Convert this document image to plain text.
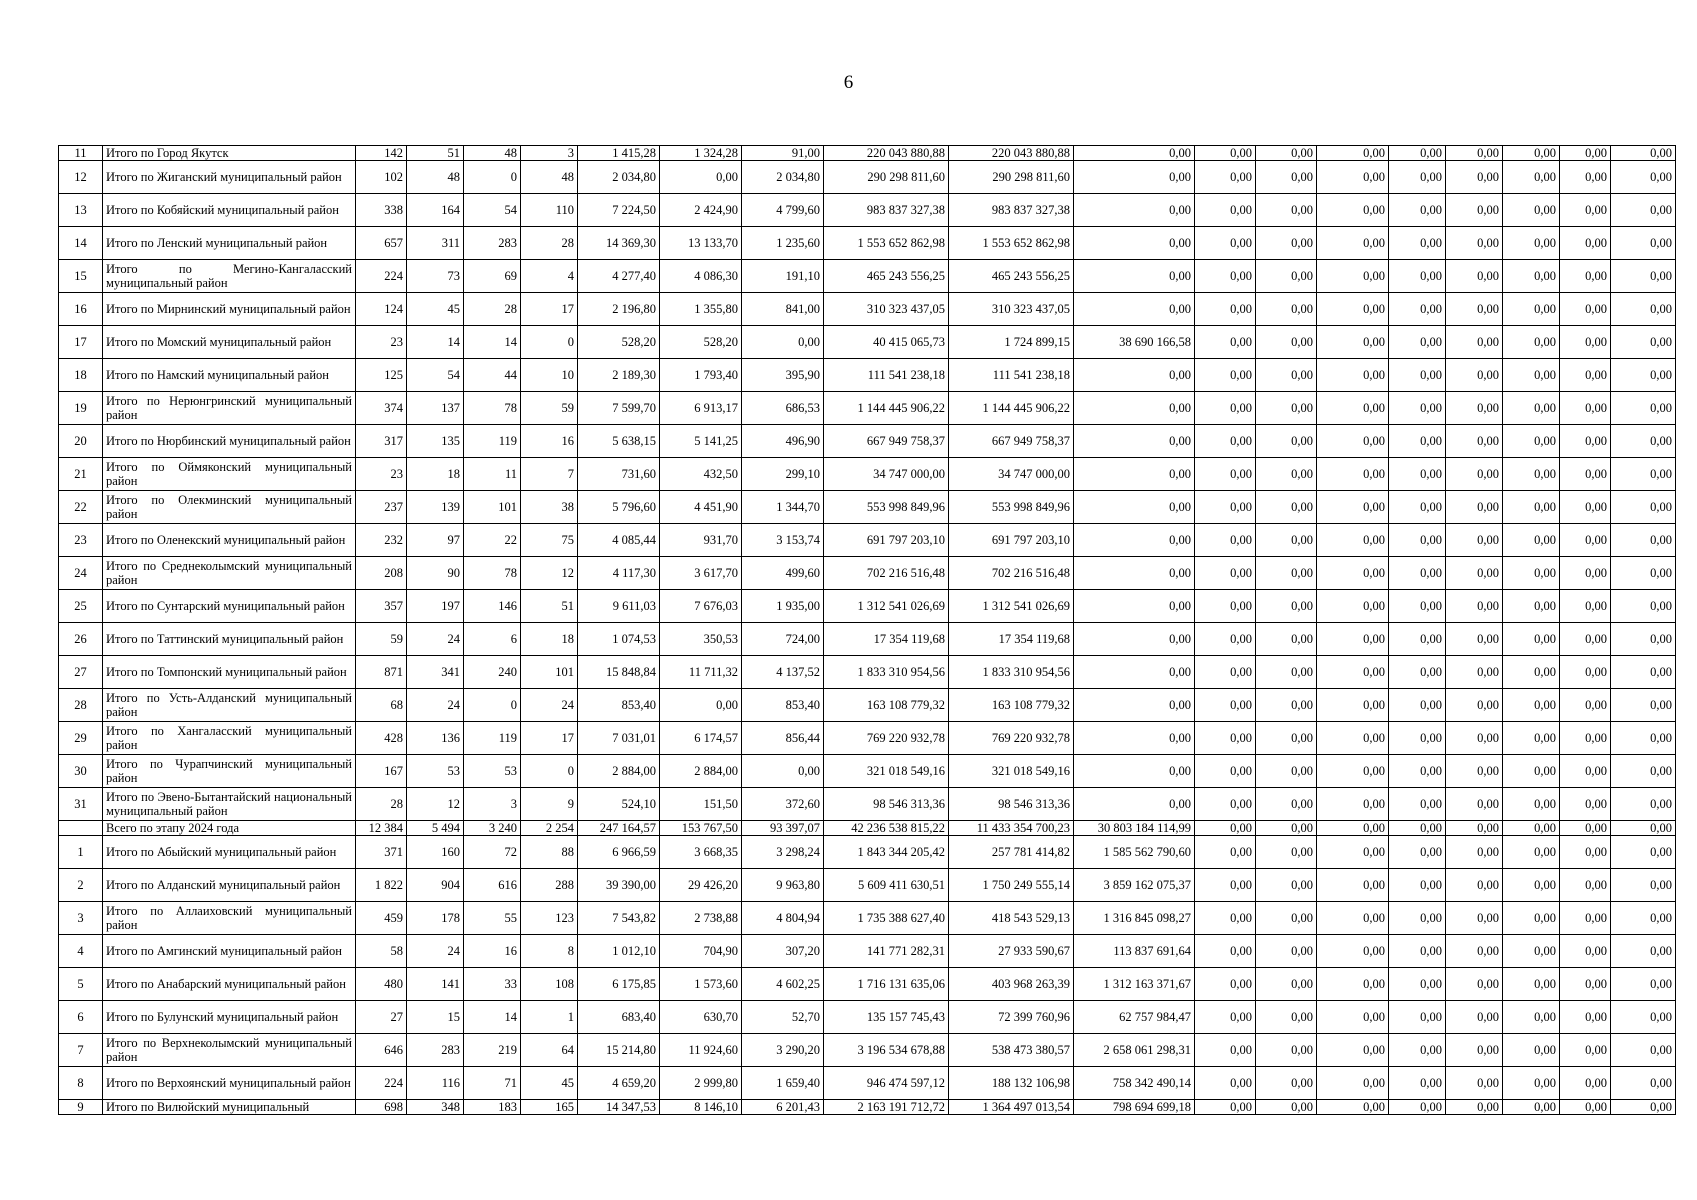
6
11	Итого по Город Якутск	142	51	48	3	1 415,28	1 324,28	91,00	220 043 880,88	220 043 880,88	0,00	0,00	0,00	0,00	0,00	0,00	0,00	0,00	0,00
12	Итого по Жиганский муниципальный район	102	48	0	48	2 034,80	0,00	2 034,80	290 298 811,60	290 298 811,60	0,00	0,00	0,00	0,00	0,00	0,00	0,00	0,00	0,00
13	Итого по Кобяйский муниципальный район	338	164	54	110	7 224,50	2 424,90	4 799,60	983 837 327,38	983 837 327,38	0,00	0,00	0,00	0,00	0,00	0,00	0,00	0,00	0,00
14	Итого по Ленский муниципальный район	657	311	283	28	14 369,30	13 133,70	1 235,60	1 553 652 862,98	1 553 652 862,98	0,00	0,00	0,00	0,00	0,00	0,00	0,00	0,00	0,00
15	Итого по Мегино-Кангаласский муниципальный район	224	73	69	4	4 277,40	4 086,30	191,10	465 243 556,25	465 243 556,25	0,00	0,00	0,00	0,00	0,00	0,00	0,00	0,00	0,00
16	Итого по Мирнинский муниципальный район	124	45	28	17	2 196,80	1 355,80	841,00	310 323 437,05	310 323 437,05	0,00	0,00	0,00	0,00	0,00	0,00	0,00	0,00	0,00
17	Итого по Момский муниципальный район	23	14	14	0	528,20	528,20	0,00	40 415 065,73	1 724 899,15	38 690 166,58	0,00	0,00	0,00	0,00	0,00	0,00	0,00	0,00
18	Итого по Намский муниципальный район	125	54	44	10	2 189,30	1 793,40	395,90	111 541 238,18	111 541 238,18	0,00	0,00	0,00	0,00	0,00	0,00	0,00	0,00	0,00
19	Итого по Нерюнгринский муниципальный район	374	137	78	59	7 599,70	6 913,17	686,53	1 144 445 906,22	1 144 445 906,22	0,00	0,00	0,00	0,00	0,00	0,00	0,00	0,00	0,00
20	Итого по Нюрбинский муниципальный район	317	135	119	16	5 638,15	5 141,25	496,90	667 949 758,37	667 949 758,37	0,00	0,00	0,00	0,00	0,00	0,00	0,00	0,00	0,00
21	Итого по Оймяконский муниципальный район	23	18	11	7	731,60	432,50	299,10	34 747 000,00	34 747 000,00	0,00	0,00	0,00	0,00	0,00	0,00	0,00	0,00	0,00
22	Итого по Олекминский муниципальный район	237	139	101	38	5 796,60	4 451,90	1 344,70	553 998 849,96	553 998 849,96	0,00	0,00	0,00	0,00	0,00	0,00	0,00	0,00	0,00
23	Итого по Оленекский муниципальный район	232	97	22	75	4 085,44	931,70	3 153,74	691 797 203,10	691 797 203,10	0,00	0,00	0,00	0,00	0,00	0,00	0,00	0,00	0,00
24	Итого по Среднеколымский муниципальный район	208	90	78	12	4 117,30	3 617,70	499,60	702 216 516,48	702 216 516,48	0,00	0,00	0,00	0,00	0,00	0,00	0,00	0,00	0,00
25	Итого по Сунтарский муниципальный район	357	197	146	51	9 611,03	7 676,03	1 935,00	1 312 541 026,69	1 312 541 026,69	0,00	0,00	0,00	0,00	0,00	0,00	0,00	0,00	0,00
26	Итого по Таттинский муниципальный район	59	24	6	18	1 074,53	350,53	724,00	17 354 119,68	17 354 119,68	0,00	0,00	0,00	0,00	0,00	0,00	0,00	0,00	0,00
27	Итого по Томпонский муниципальный район	871	341	240	101	15 848,84	11 711,32	4 137,52	1 833 310 954,56	1 833 310 954,56	0,00	0,00	0,00	0,00	0,00	0,00	0,00	0,00	0,00
28	Итого по Усть-Алданский муниципальный район	68	24	0	24	853,40	0,00	853,40	163 108 779,32	163 108 779,32	0,00	0,00	0,00	0,00	0,00	0,00	0,00	0,00	0,00
29	Итого по Хангаласский муниципальный район	428	136	119	17	7 031,01	6 174,57	856,44	769 220 932,78	769 220 932,78	0,00	0,00	0,00	0,00	0,00	0,00	0,00	0,00	0,00
30	Итого по Чурапчинский муниципальный район	167	53	53	0	2 884,00	2 884,00	0,00	321 018 549,16	321 018 549,16	0,00	0,00	0,00	0,00	0,00	0,00	0,00	0,00	0,00
31	Итого по Эвено-Бытантайский национальный муниципальный район	28	12	3	9	524,10	151,50	372,60	98 546 313,36	98 546 313,36	0,00	0,00	0,00	0,00	0,00	0,00	0,00	0,00	0,00
	Всего по этапу 2024 года	12 384	5 494	3 240	2 254	247 164,57	153 767,50	93 397,07	42 236 538 815,22	11 433 354 700,23	30 803 184 114,99	0,00	0,00	0,00	0,00	0,00	0,00	0,00	0,00
1	Итого по Абыйский муниципальный район	371	160	72	88	6 966,59	3 668,35	3 298,24	1 843 344 205,42	257 781 414,82	1 585 562 790,60	0,00	0,00	0,00	0,00	0,00	0,00	0,00	0,00
2	Итого по Алданский муниципальный район	1 822	904	616	288	39 390,00	29 426,20	9 963,80	5 609 411 630,51	1 750 249 555,14	3 859 162 075,37	0,00	0,00	0,00	0,00	0,00	0,00	0,00	0,00
3	Итого по Аллаиховский муниципальный район	459	178	55	123	7 543,82	2 738,88	4 804,94	1 735 388 627,40	418 543 529,13	1 316 845 098,27	0,00	0,00	0,00	0,00	0,00	0,00	0,00	0,00
4	Итого по Амгинский муниципальный район	58	24	16	8	1 012,10	704,90	307,20	141 771 282,31	27 933 590,67	113 837 691,64	0,00	0,00	0,00	0,00	0,00	0,00	0,00	0,00
5	Итого по Анабарский муниципальный район	480	141	33	108	6 175,85	1 573,60	4 602,25	1 716 131 635,06	403 968 263,39	1 312 163 371,67	0,00	0,00	0,00	0,00	0,00	0,00	0,00	0,00
6	Итого по Булунский муниципальный район	27	15	14	1	683,40	630,70	52,70	135 157 745,43	72 399 760,96	62 757 984,47	0,00	0,00	0,00	0,00	0,00	0,00	0,00	0,00
7	Итого по Верхнеколымский муниципальный район	646	283	219	64	15 214,80	11 924,60	3 290,20	3 196 534 678,88	538 473 380,57	2 658 061 298,31	0,00	0,00	0,00	0,00	0,00	0,00	0,00	0,00
8	Итого по Верхоянский муниципальный район	224	116	71	45	4 659,20	2 999,80	1 659,40	946 474 597,12	188 132 106,98	758 342 490,14	0,00	0,00	0,00	0,00	0,00	0,00	0,00	0,00
9	Итого по Вилюйский муниципальный	698	348	183	165	14 347,53	8 146,10	6 201,43	2 163 191 712,72	1 364 497 013,54	798 694 699,18	0,00	0,00	0,00	0,00	0,00	0,00	0,00	0,00
